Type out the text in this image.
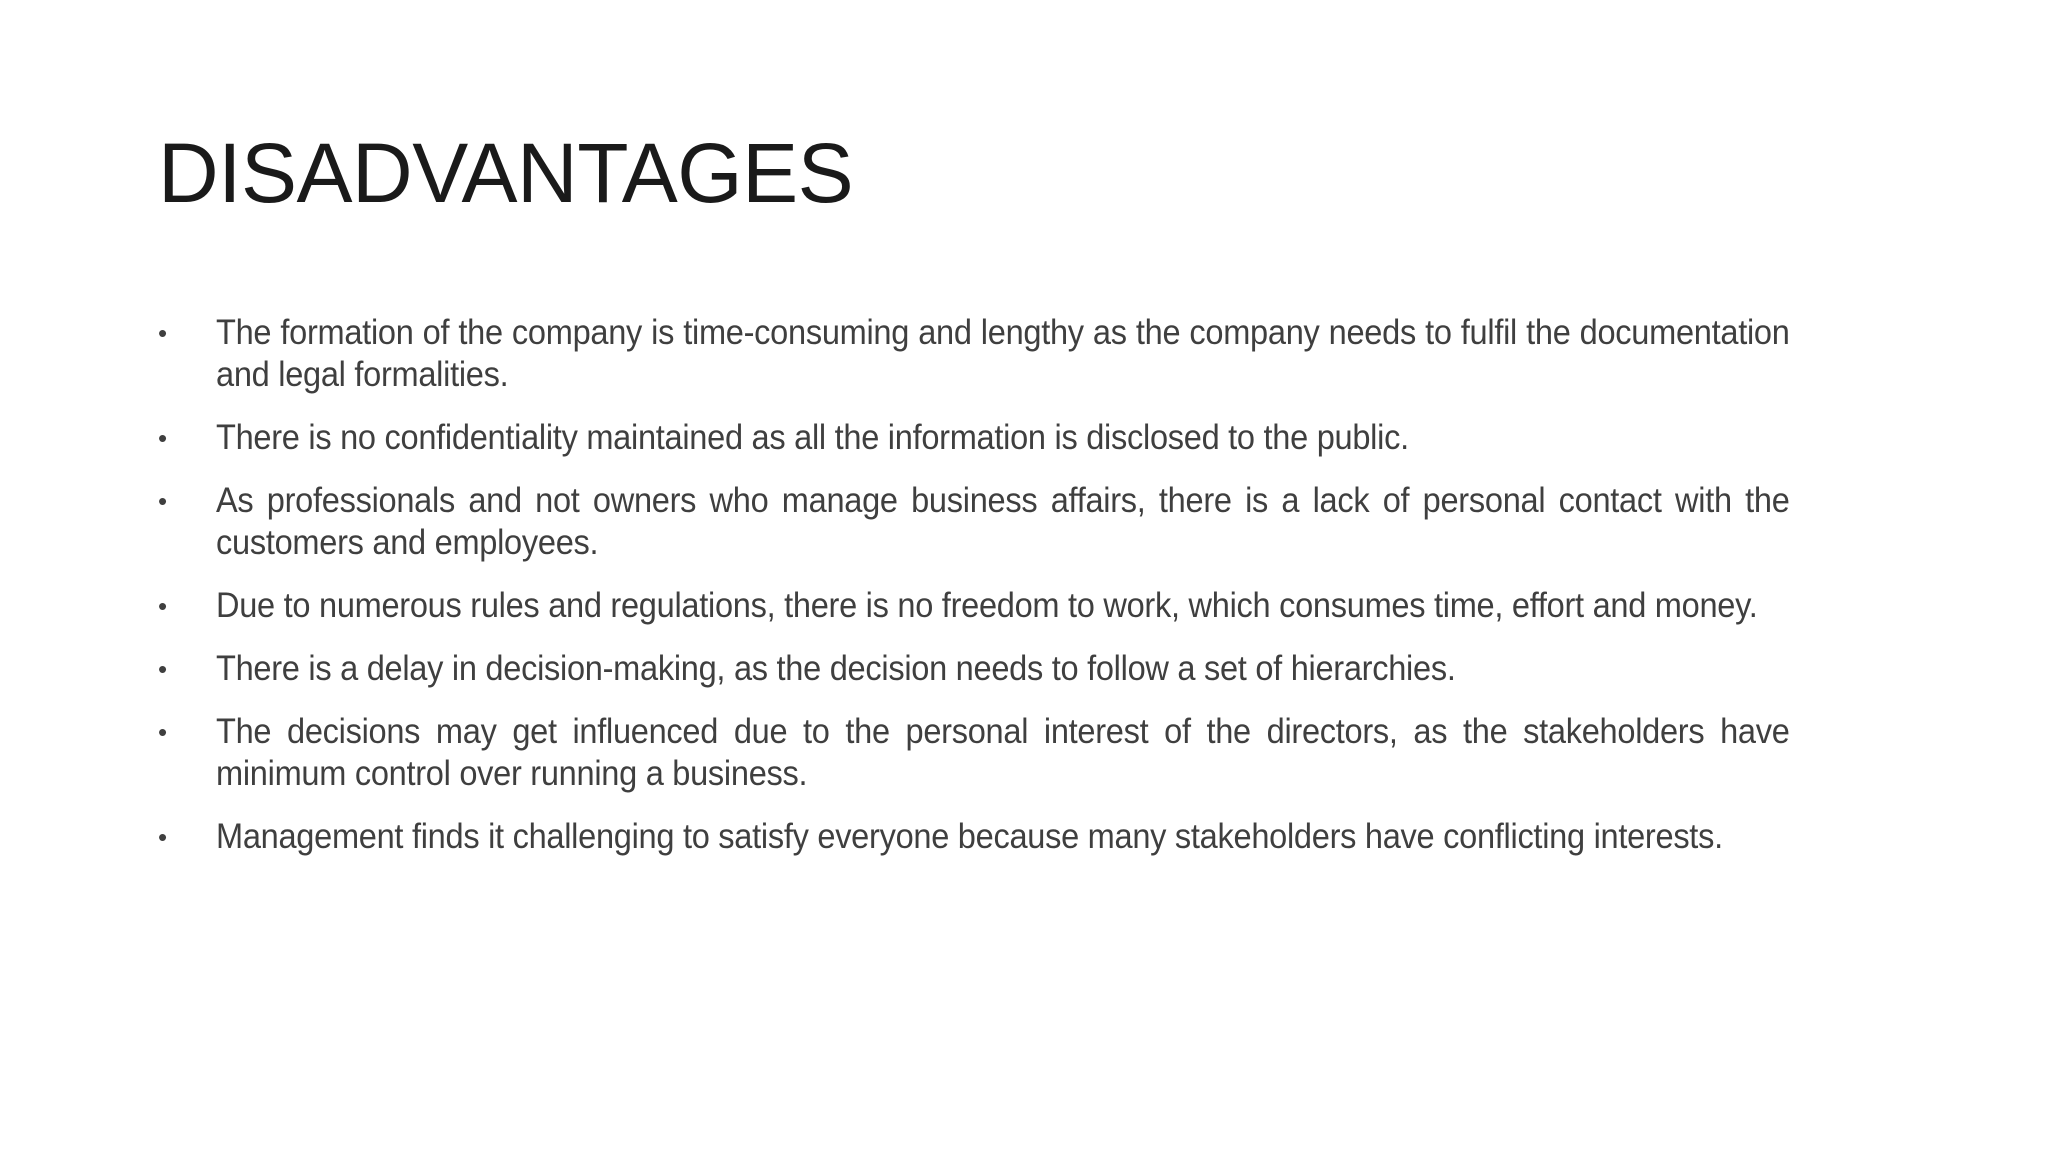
DISADVANTAGES
•	The formation of the company is time-consuming and lengthy as the company needs to fulfil the documentation and legal formalities.
•	There is no confidentiality maintained as all the information is disclosed to the public.
•	As professionals and not owners who manage business affairs, there is a lack of personal contact with the customers and employees.
•	Due to numerous rules and regulations, there is no freedom to work, which consumes time, effort and money.
•	There is a delay in decision-making, as the decision needs to follow a set of hierarchies.
•	The decisions may get influenced due to the personal interest of the directors, as the stakeholders have minimum control over running a business.
•	Management finds it challenging to satisfy everyone because many stakeholders have conflicting interests.
